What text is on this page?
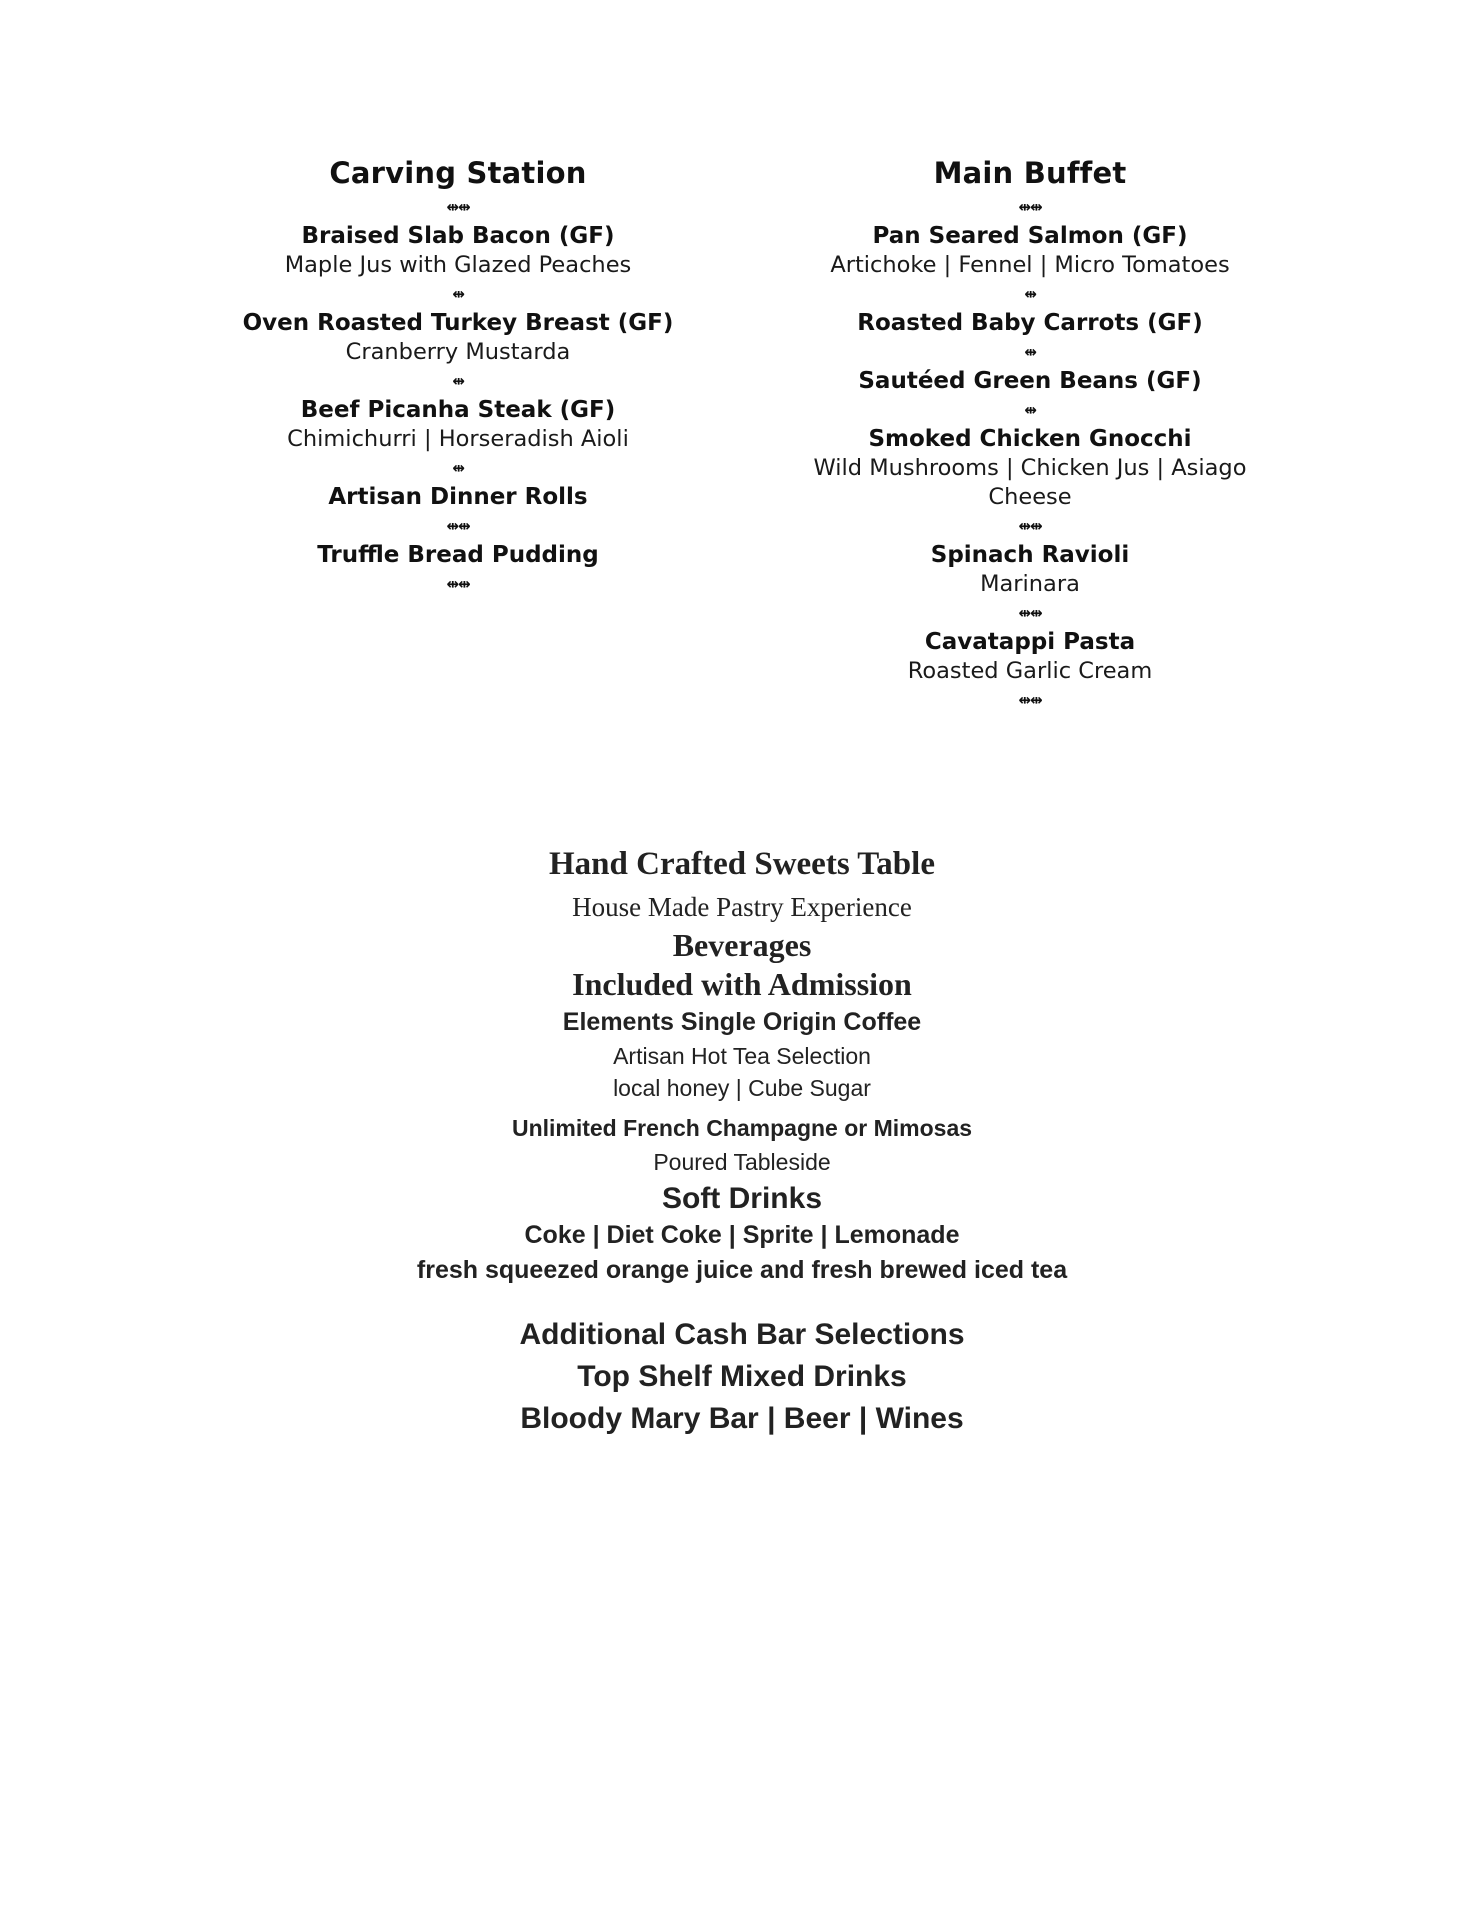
Carving Station
⇹⇹
Braised Slab Bacon (GF)
Maple Jus with Glazed Peaches
⇹
Oven Roasted Turkey Breast (GF)
Cranberry Mustarda
⇹
Beef Picanha Steak (GF)
Chimichurri | Horseradish Aioli
⇹
Artisan Dinner Rolls
⇹⇹
Truffle Bread Pudding
⇹⇹
Main Buffet
⇹⇹
Pan Seared Salmon (GF)
Artichoke | Fennel | Micro Tomatoes
⇹
Roasted Baby Carrots (GF)
⇹
Sautéed Green Beans (GF)
⇹
Smoked Chicken Gnocchi
Wild Mushrooms | Chicken Jus | Asiago
Cheese
⇹⇹
Spinach Ravioli
Marinara
⇹⇹
Cavatappi Pasta
Roasted Garlic Cream
⇹⇹
Hand Crafted Sweets Table
House Made Pastry Experience
Beverages
Included with Admission
Elements Single Origin Coffee
Artisan Hot Tea Selection
local honey | Cube Sugar
Unlimited French Champagne or Mimosas
Poured Tableside
Soft Drinks
Coke | Diet Coke | Sprite | Lemonade
fresh squeezed orange juice and fresh brewed iced tea
Additional Cash Bar Selections
Top Shelf Mixed Drinks
Bloody Mary Bar | Beer | Wines
